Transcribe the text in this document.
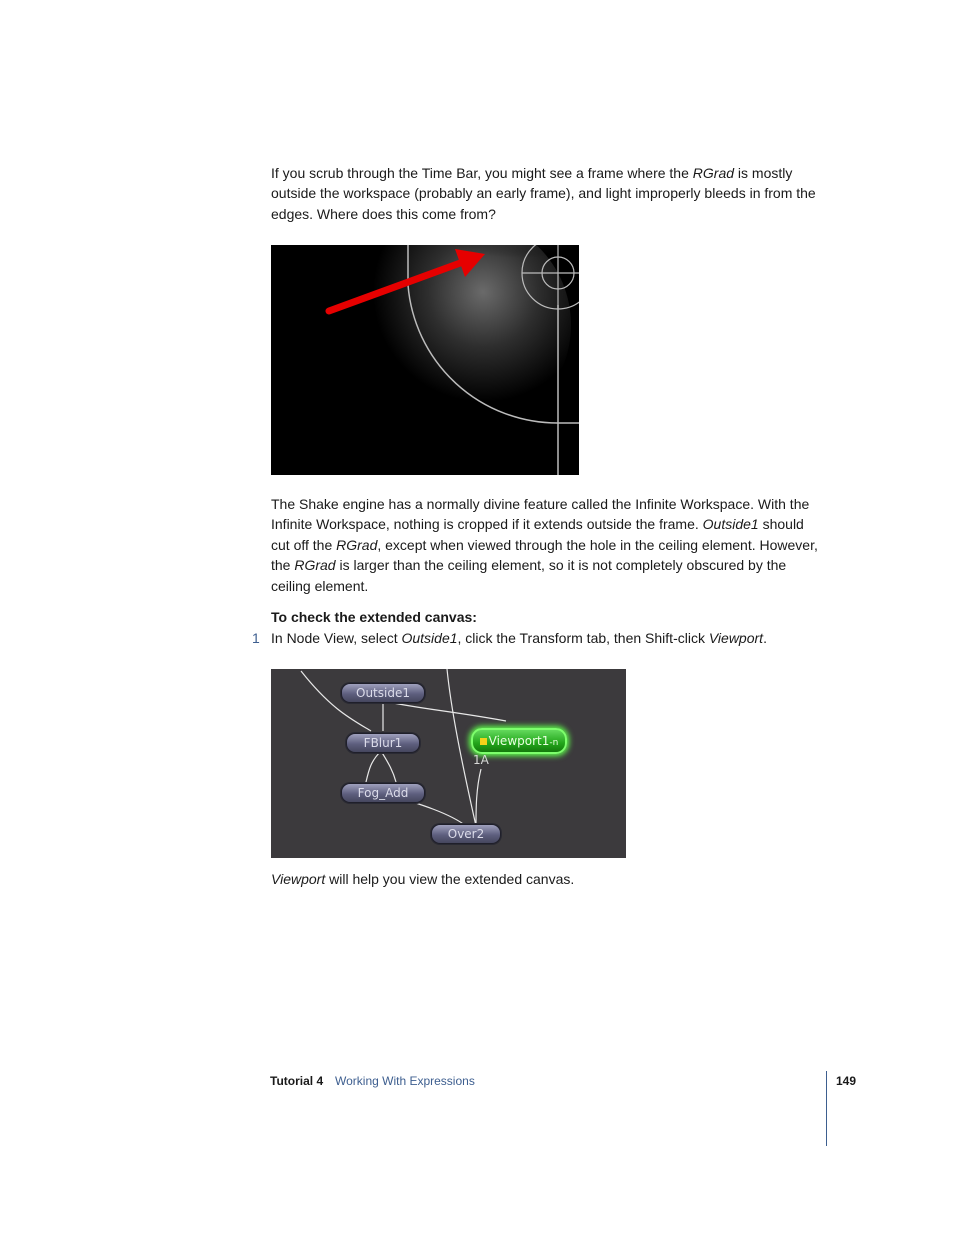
If you scrub through the Time Bar, you might see a frame where the RGrad is mostly outside the workspace (probably an early frame), and light improperly bleeds in from the edges. Where does this come from?

The Shake engine has a normally divine feature called the Infinite Workspace. With the Infinite Workspace, nothing is cropped if it extends outside the frame. Outside1 should cut off the RGrad, except when viewed through the hole in the ceiling element. However, the RGrad is larger than the ceiling element, so it is not completely obscured by the ceiling element.

To check the extended canvas:

1 In Node View, select Outside1, click the Transform tab, then Shift-click Viewport.

Outside1
FBlur1
Fog_Add
Over2
Viewport1-n
1A

Viewport will help you view the extended canvas.

Tutorial 4 Working With Expressions	149
